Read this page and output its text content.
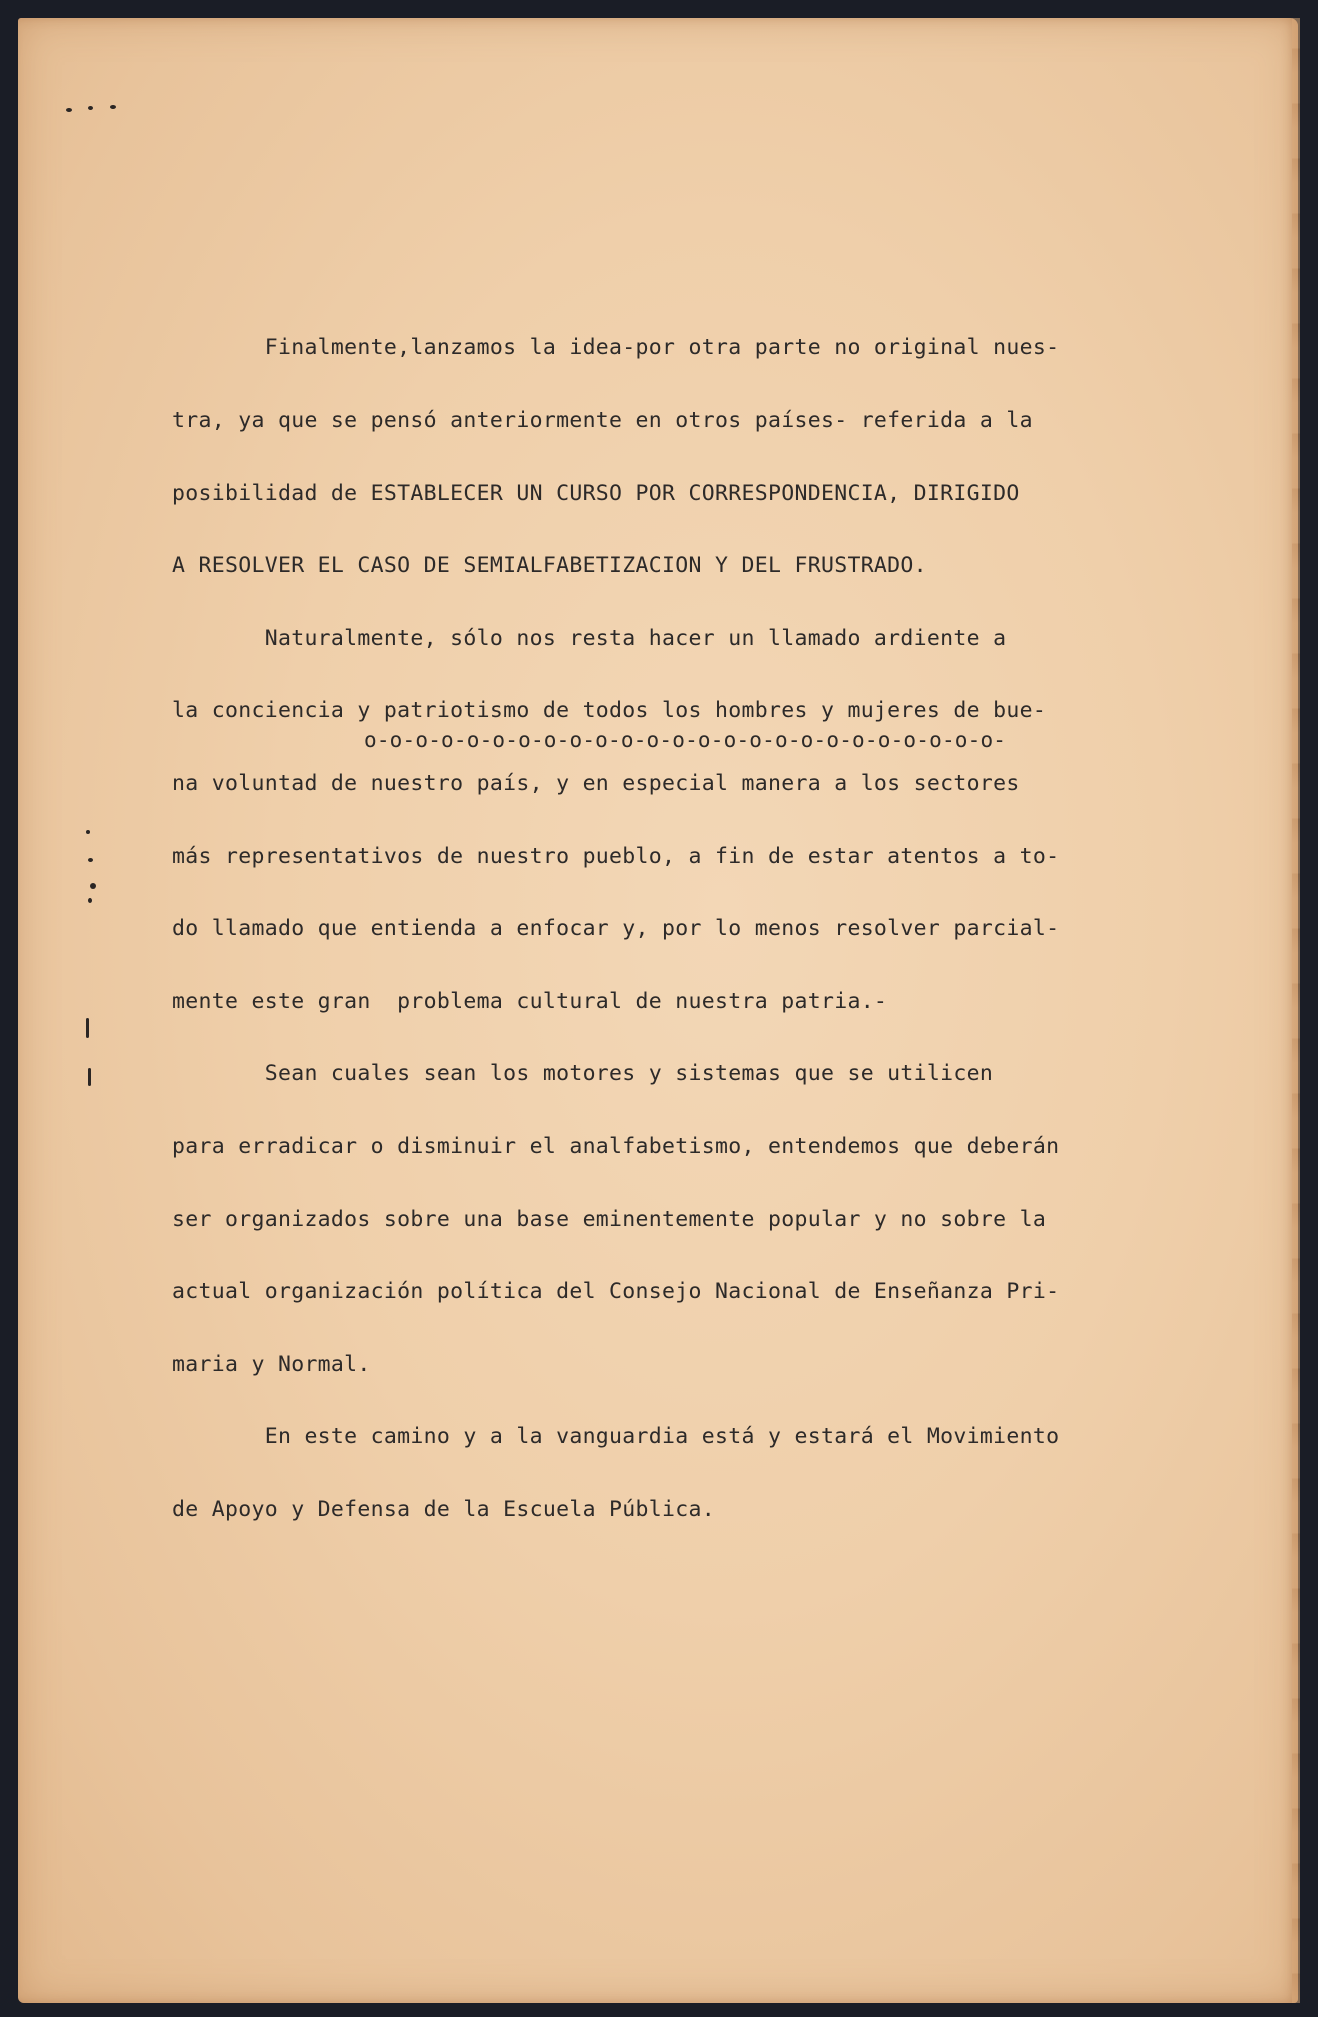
Finalmente,lanzamos la idea-por otra parte no original nues-

tra, ya que se pensó anteriormente en otros países- referida a la

posibilidad de ESTABLECER UN CURSO POR CORRESPONDENCIA, DIRIGIDO

A RESOLVER EL CASO DE SEMIALFABETIZACION Y DEL FRUSTRADO.

Naturalmente, sólo nos resta hacer un llamado ardiente a

la conciencia y patriotismo de todos los hombres y mujeres de bue-

na voluntad de nuestro país, y en especial manera a los sectores

más representativos de nuestro pueblo, a fin de estar atentos a to-

do llamado que entienda a enfocar y, por lo menos resolver parcial-

mente este gran  problema cultural de nuestra patria.-

Sean cuales sean los motores y sistemas que se utilicen

para erradicar o disminuir el analfabetismo, entendemos que deberán

ser organizados sobre una base eminentemente popular y no sobre la

actual organización política del Consejo Nacional de Enseñanza Pri-

maria y Normal.

En este camino y a la vanguardia está y estará el Movimiento

de Apoyo y Defensa de la Escuela Pública.

o-o-o-o-o-o-o-o-o-o-o-o-o-o-o-o-o-o-o-o-o-o-o-o-o-
